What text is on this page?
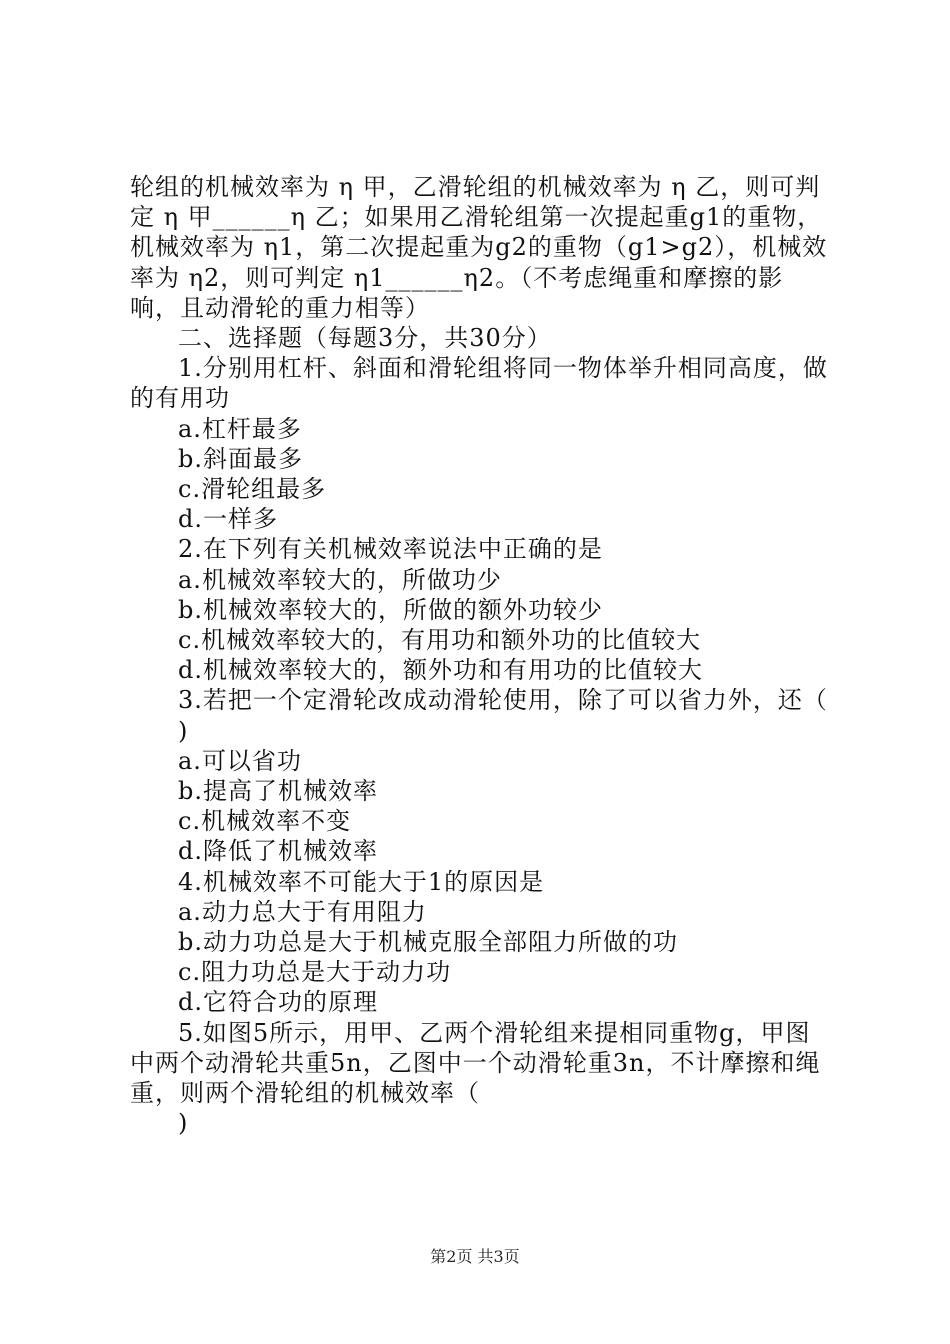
轮组的机械效率为 η 甲，乙滑轮组的机械效率为 η 乙，则可判定 η 甲______η 乙；如果用乙滑轮组第一次提起重g1的重物，机械效率为 η1，第二次提起重为g2的重物（g1>g2），机械效率为 η2，则可判定 η1______η2。（不考虑绳重和摩擦的影响，且动滑轮的重力相等）

二、选择题（每题3分，共30分）

1.分别用杠杆、斜面和滑轮组将同一物体举升相同高度，做的有用功

a.杠杆最多

b.斜面最多

c.滑轮组最多

d.一样多

2.在下列有关机械效率说法中正确的是

a.机械效率较大的，所做功少

b.机械效率较大的，所做的额外功较少

c.机械效率较大的，有用功和额外功的比值较大

d.机械效率较大的，额外功和有用功的比值较大

3.若把一个定滑轮改成动滑轮使用，除了可以省力外，还（

)

a.可以省功

b.提高了机械效率

c.机械效率不变

d.降低了机械效率

4.机械效率不可能大于1的原因是

a.动力总大于有用阻力

b.动力功总是大于机械克服全部阻力所做的功

c.阻力功总是大于动力功

d.它符合功的原理

5.如图5所示，用甲、乙两个滑轮组来提相同重物g，甲图中两个动滑轮共重5n，乙图中一个动滑轮重3n，不计摩擦和绳重，则两个滑轮组的机械效率（

)

第2页 共3页
